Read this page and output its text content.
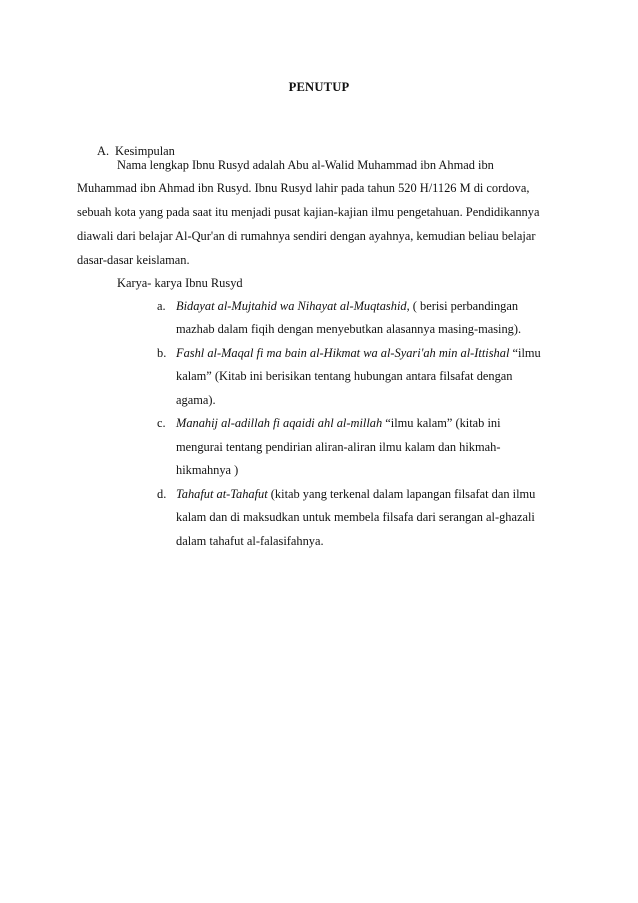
PENUTUP
A. Kesimpulan
Nama lengkap Ibnu Rusyd adalah Abu al-Walid Muhammad ibn Ahmad ibn
Muhammad ibn Ahmad ibn Rusyd. Ibnu Rusyd lahir pada tahun 520 H/1126 M di cordova,
sebuah kota yang pada saat itu menjadi pusat kajian-kajian ilmu pengetahuan. Pendidikannya
diawali dari belajar Al-Qur'an di rumahnya sendiri dengan ayahnya, kemudian beliau belajar
dasar-dasar keislaman.
Karya- karya Ibnu Rusyd
a. Bidayat al-Mujtahid wa Nihayat al-Muqtashid, ( berisi perbandingan
mazhab dalam fiqih dengan menyebutkan alasannya masing-masing).
b. Fashl al-Maqal fi ma bain al-Hikmat wa al-Syari'ah min al-Ittishal “ilmu
kalam” (Kitab ini berisikan tentang hubungan antara filsafat dengan
agama).
c. Manahij al-adillah fi aqaidi ahl al-millah “ilmu kalam” (kitab ini
mengurai tentang pendirian aliran-aliran ilmu kalam dan hikmah-
hikmahnya )
d. Tahafut at-Tahafut (kitab yang terkenal dalam lapangan filsafat dan ilmu
kalam dan di maksudkan untuk membela filsafa dari serangan al-ghazali
dalam tahafut al-falasifahnya.
